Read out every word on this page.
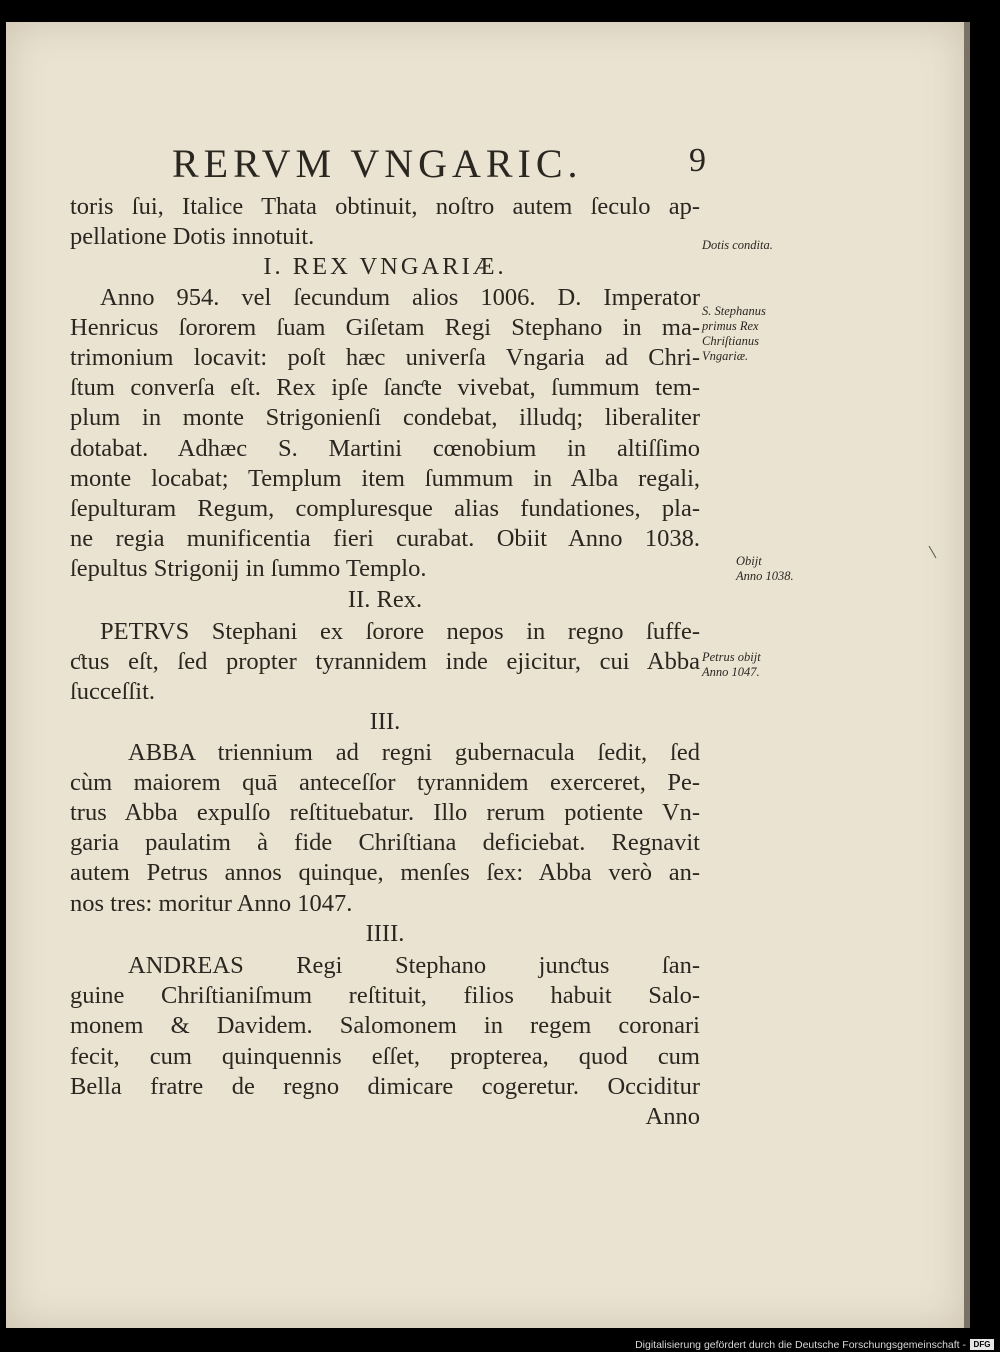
RERVM VNGARIC.	9
toris ſui, Italice Thata obtinuit, noſtro autem ſeculo ap-
pellatione Dotis innotuit.
I. REX VNGARIÆ.
Anno 954. vel ſecundum alios 1006. D. Imperator
Henricus ſororem ſuam Giſetam Regi Stephano in ma-
trimonium locavit: poſt hæc univerſa Vngaria ad Chri-
ſtum converſa eſt. Rex ipſe ſanƈte vivebat, ſummum tem-
plum in monte Strigonienſi condebat, illudq; liberaliter
dotabat. Adhæc S. Martini cœnobium in altiſſimo
monte locabat; Templum item ſummum in Alba regali,
ſepulturam Regum, compluresque alias fundationes, pla-
ne regia munificentia fieri curabat. Obiit Anno 1038.
ſepultus Strigonij in ſummo Templo.
II. Rex.
PETRVS Stephani ex ſorore nepos in regno ſuffe-
ƈtus eſt, ſed propter tyrannidem inde ejicitur, cui Abba
ſucceſſit.
III.
ABBA triennium ad regni gubernacula ſedit, ſed
cùm maiorem quā anteceſſor tyrannidem exerceret, Pe-
trus Abba expulſo reſtituebatur. Illo rerum potiente Vn-
garia paulatim à fide Chriſtiana deficiebat. Regnavit
autem Petrus annos quinque, menſes ſex: Abba verò an-
nos tres: moritur Anno 1047.
IIII.
ANDREAS Regi Stephano junƈtus ſan-
guine Chriſtianiſmum reſtituit, filios habuit Salo-
monem & Davidem. Salomonem in regem coronari
fecit, cum quinquennis eſſet, propterea, quod cum
Bella fratre de regno dimicare cogeretur. Occiditur
Anno
Dotis condita.
S. Stephanus
primus Rex
Chriſtianus
Vngariæ.
Obijt
Anno 1038.
Petrus obijt
Anno 1047.
Digitalisierung gefördert durch die Deutsche Forschungsgemeinschaft - DFG
